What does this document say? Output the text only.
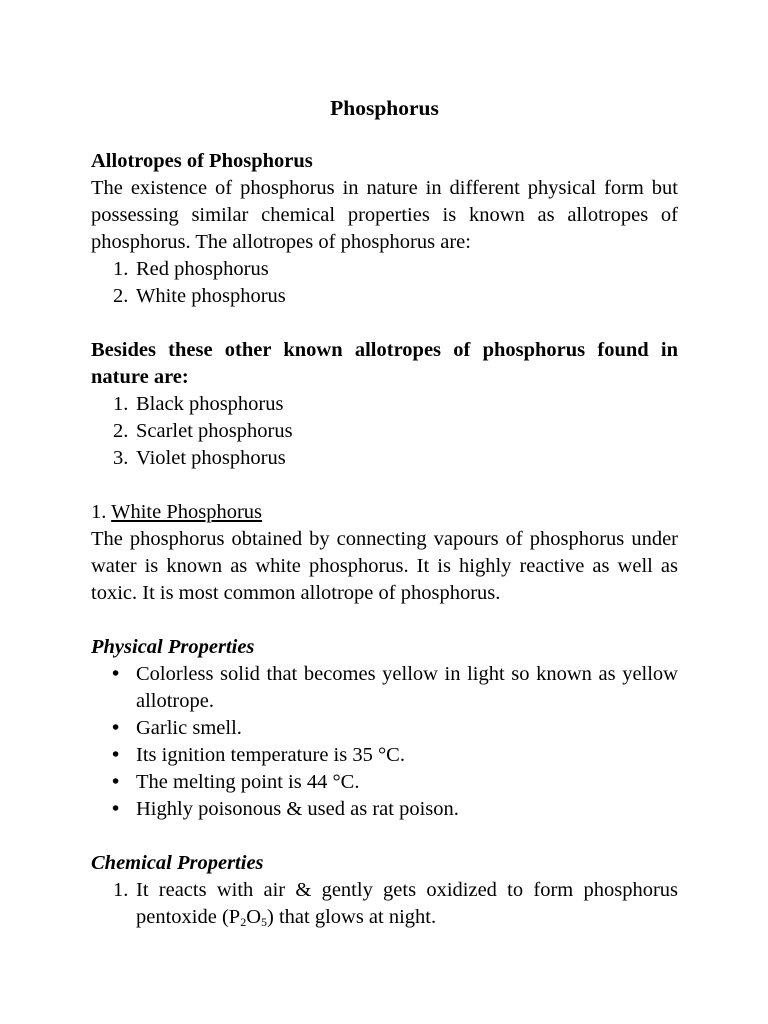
Phosphorus

Allotropes of Phosphorus

The existence of phosphorus in nature in different physical form but possessing similar chemical properties is known as allotropes of phosphorus. The allotropes of phosphorus are:

1. Red phosphorus
2. White phosphorus

Besides these other known allotropes of phosphorus found in nature are:

1. Black phosphorus
2. Scarlet phosphorus
3. Violet phosphorus

1. White Phosphorus

The phosphorus obtained by connecting vapours of phosphorus under water is known as white phosphorus. It is highly reactive as well as toxic. It is most common allotrope of phosphorus.

Physical Properties

• Colorless solid that becomes yellow in light so known as yellow allotrope.
• Garlic smell.
• Its ignition temperature is 35 °C.
• The melting point is 44 °C.
• Highly poisonous & used as rat poison.

Chemical Properties

1. It reacts with air & gently gets oxidized to form phosphorus pentoxide $(P_2O_5)$ that glows at night.
